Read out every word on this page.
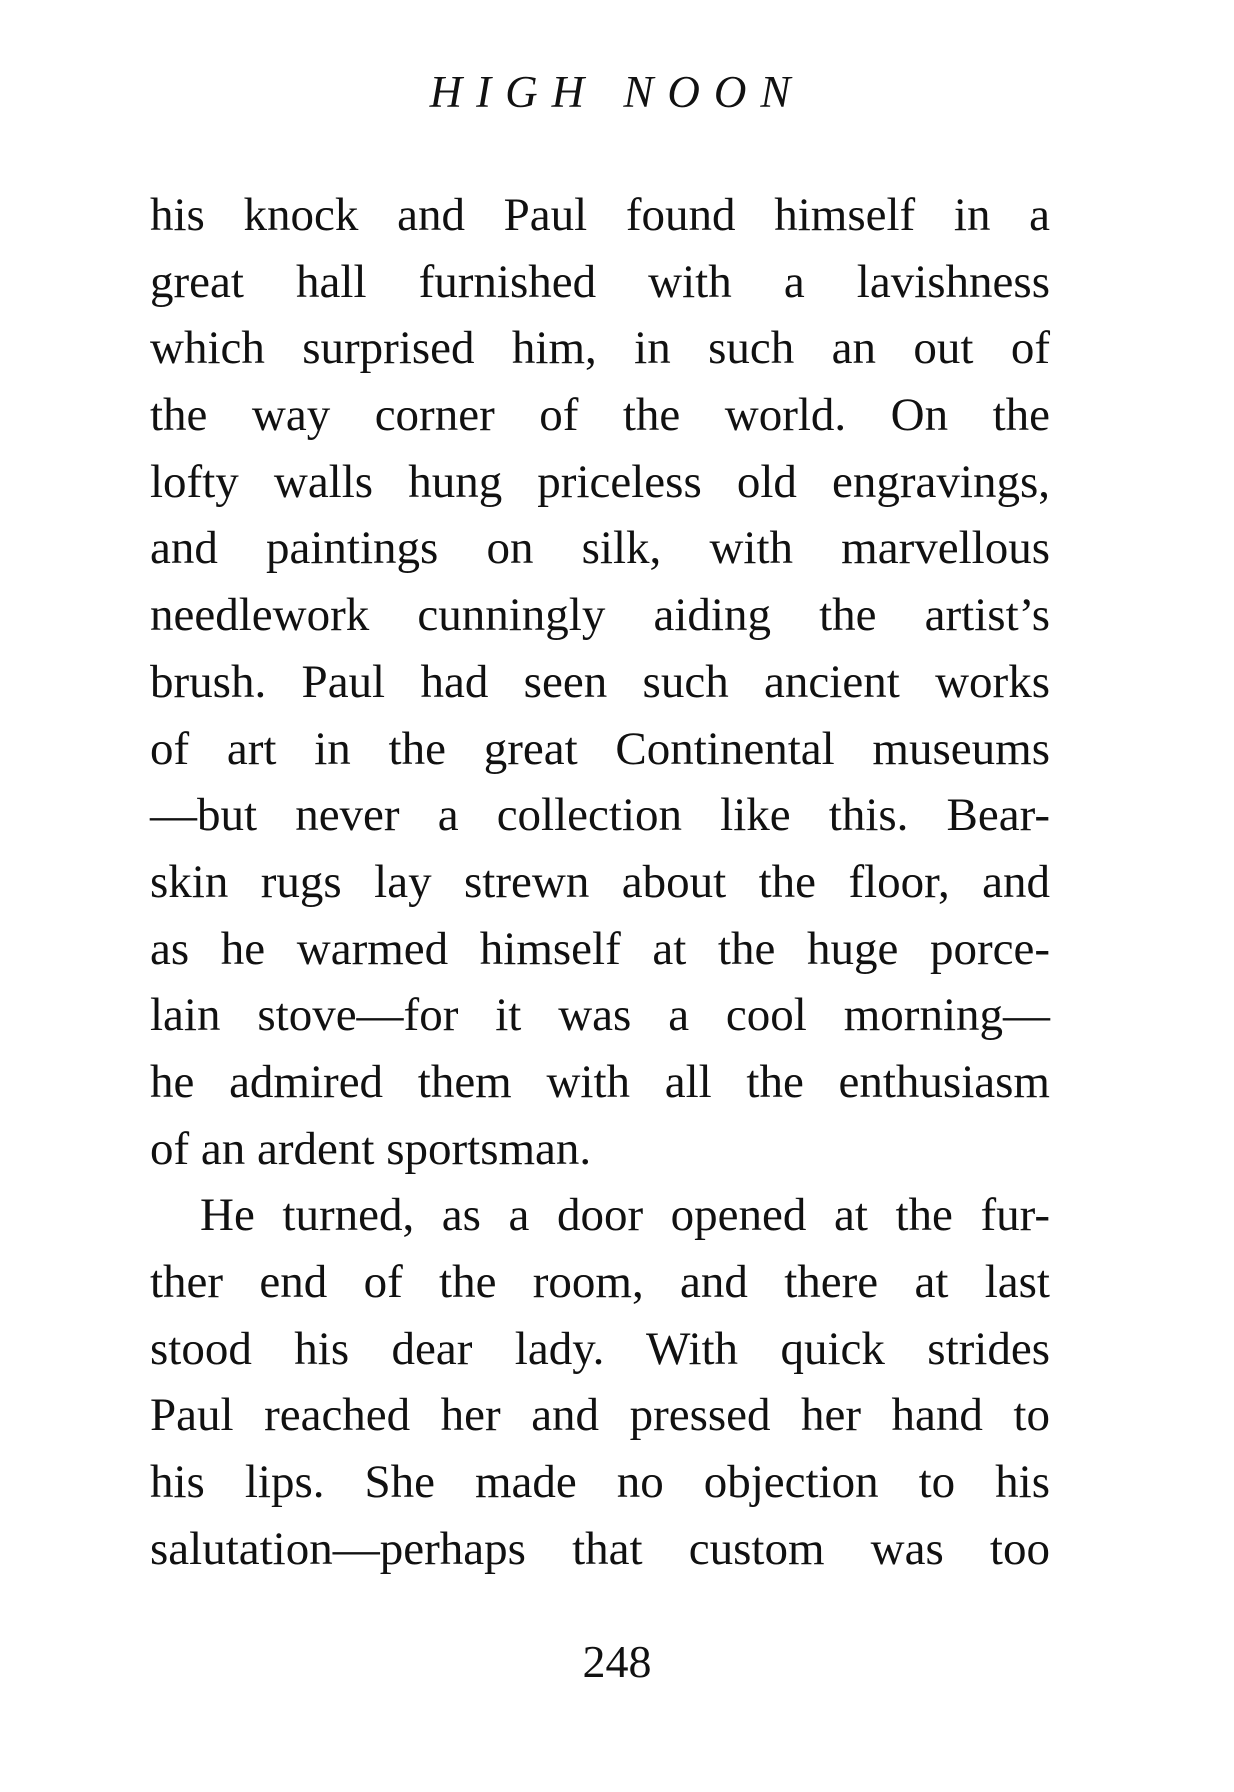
HIGH NOON
his knock and Paul found himself in a
great hall furnished with a lavishness
which surprised him, in such an out of
the way corner of the world. On the
lofty walls hung priceless old engravings,
and paintings on silk, with marvellous
needlework cunningly aiding the artist’s
brush. Paul had seen such ancient works
of art in the great Continental museums
—but never a collection like this. Bear-
skin rugs lay strewn about the floor, and
as he warmed himself at the huge porce-
lain stove—for it was a cool morning—
he admired them with all the enthusiasm
of an ardent sportsman.
He turned, as a door opened at the fur-
ther end of the room, and there at last
stood his dear lady. With quick strides
Paul reached her and pressed her hand to
his lips. She made no objection to his
salutation—perhaps that custom was too
248
